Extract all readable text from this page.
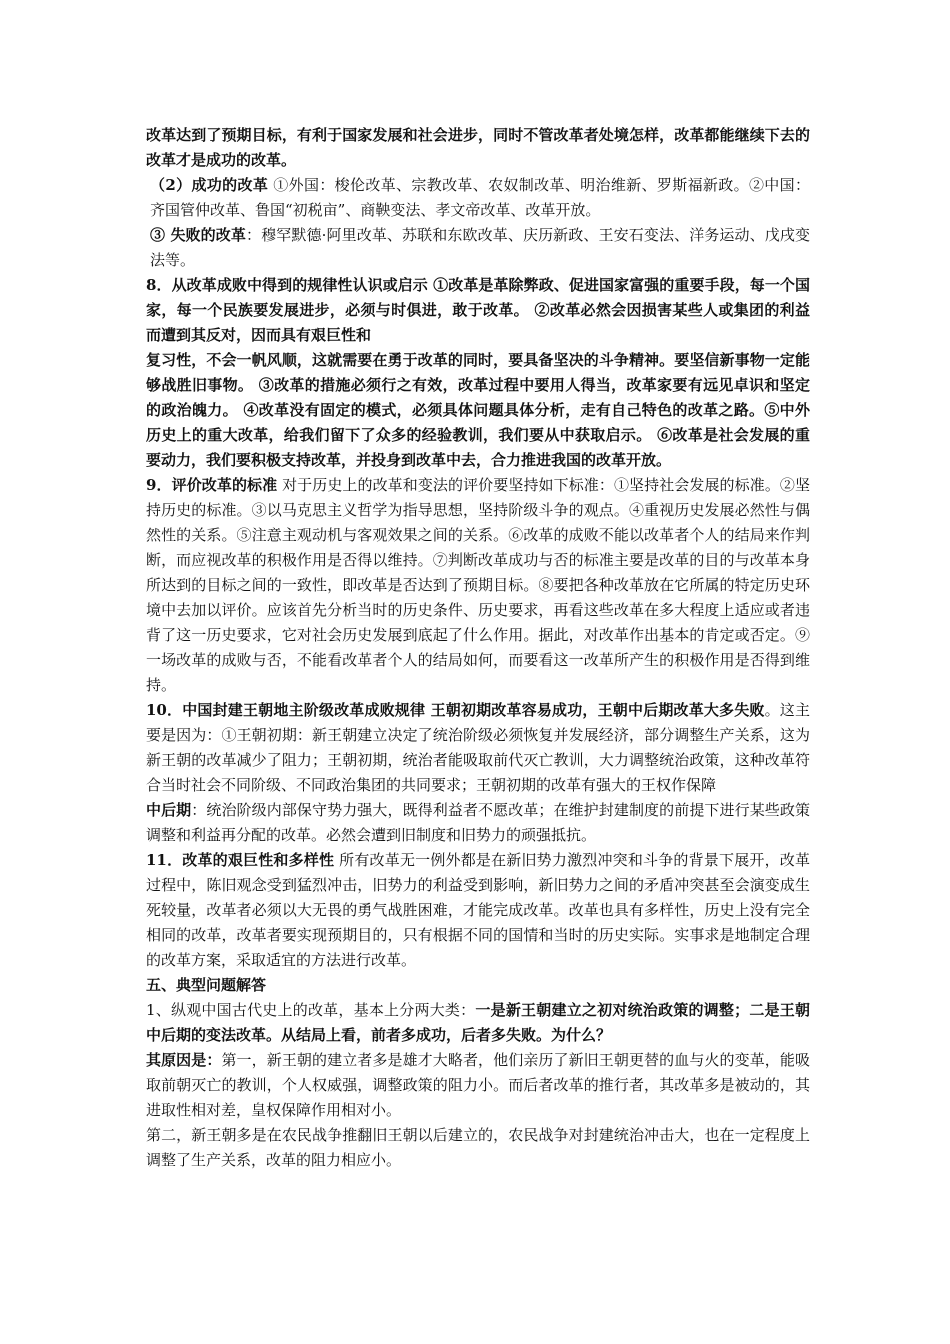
改革达到了预期目标，有利于国家发展和社会进步，同时不管改革者处境怎样，改革都能继续下去的改革才是成功的改革。

（2）成功的改革 ①外国：梭伦改革、宗教改革、农奴制改革、明治维新、罗斯福新政。②中国：齐国管仲改革、鲁国“初税亩”、商鞅变法、孝文帝改革、改革开放。

③ 失败的改革：穆罕默德·阿里改革、苏联和东欧改革、庆历新政、王安石变法、洋务运动、戊戌变法等。

8．从改革成败中得到的规律性认识或启示 ①改革是革除弊政、促进国家富强的重要手段，每一个国家，每一个民族要发展进步，必须与时俱进，敢于改革。 ②改革必然会因损害某些人或集团的利益而遭到其反对，因而具有艰巨性和

复习性，不会一帆风顺，这就需要在勇于改革的同时，要具备坚决的斗争精神。要坚信新事物一定能够战胜旧事物。 ③改革的措施必须行之有效，改革过程中要用人得当，改革家要有远见卓识和坚定的政治魄力。 ④改革没有固定的模式，必须具体问题具体分析，走有自己特色的改革之路。⑤中外历史上的重大改革，给我们留下了众多的经验教训，我们要从中获取启示。 ⑥改革是社会发展的重要动力，我们要积极支持改革，并投身到改革中去，合力推进我国的改革开放。

9．评价改革的标准 对于历史上的改革和变法的评价要坚持如下标准：①坚持社会发展的标准。②坚持历史的标准。③以马克思主义哲学为指导思想，坚持阶级斗争的观点。④重视历史发展必然性与偶然性的关系。⑤注意主观动机与客观效果之间的关系。⑥改革的成败不能以改革者个人的结局来作判断，而应视改革的积极作用是否得以维持。⑦判断改革成功与否的标准主要是改革的目的与改革本身所达到的目标之间的一致性，即改革是否达到了预期目标。⑧要把各种改革放在它所属的特定历史环境中去加以评价。应该首先分析当时的历史条件、历史要求，再看这些改革在多大程度上适应或者违背了这一历史要求，它对社会历史发展到底起了什么作用。据此，对改革作出基本的肯定或否定。⑨一场改革的成败与否，不能看改革者个人的结局如何，而要看这一改革所产生的积极作用是否得到维持。

10．中国封建王朝地主阶级改革成败规律 王朝初期改革容易成功，王朝中后期改革大多失败。这主要是因为：①王朝初期：新王朝建立决定了统治阶级必须恢复并发展经济，部分调整生产关系，这为新王朝的改革减少了阻力；王朝初期，统治者能吸取前代灭亡教训，大力调整统治政策，这种改革符合当时社会不同阶级、不同政治集团的共同要求；王朝初期的改革有强大的王权作保障

中后期：统治阶级内部保守势力强大，既得利益者不愿改革；在维护封建制度的前提下进行某些政策调整和利益再分配的改革。必然会遭到旧制度和旧势力的顽强抵抗。

11．改革的艰巨性和多样性 所有改革无一例外都是在新旧势力激烈冲突和斗争的背景下展开，改革过程中，陈旧观念受到猛烈冲击，旧势力的利益受到影响，新旧势力之间的矛盾冲突甚至会演变成生死较量，改革者必须以大无畏的勇气战胜困难，才能完成改革。改革也具有多样性，历史上没有完全相同的改革，改革者要实现预期目的，只有根据不同的国情和当时的历史实际。实事求是地制定合理的改革方案，采取适宜的方法进行改革。

五、典型问题解答

1、纵观中国古代史上的改革，基本上分两大类：一是新王朝建立之初对统治政策的调整；二是王朝中后期的变法改革。从结局上看，前者多成功，后者多失败。为什么？

其原因是：第一，新王朝的建立者多是雄才大略者，他们亲历了新旧王朝更替的血与火的变革，能吸取前朝灭亡的教训，个人权威强，调整政策的阻力小。而后者改革的推行者，其改革多是被动的，其进取性相对差，皇权保障作用相对小。

第二，新王朝多是在农民战争推翻旧王朝以后建立的，农民战争对封建统治冲击大，也在一定程度上调整了生产关系，改革的阻力相应小。
